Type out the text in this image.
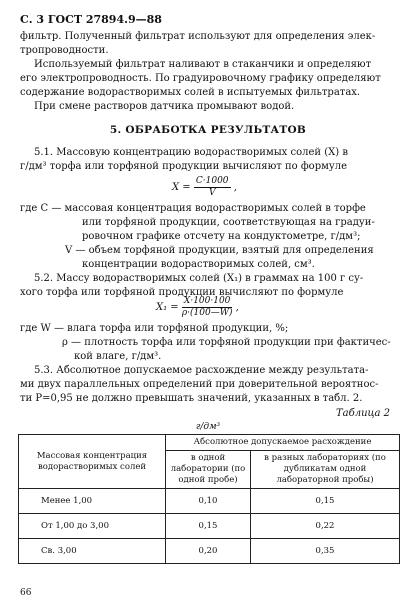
С. 3 ГОСТ 27894.9—88
фильтр. Полученный фильтрат используют для определения элек-
тропроводности.
Используемый фильтрат наливают в стаканчики и определяют
его электропроводность. По градуировочному графику определяют
содержание водорастворимых солей в испытуемых фильтратах.
При смене растворов датчика промывают водой.
5. ОБРАБОТКА РЕЗУЛЬТАТОВ
5.1. Массовую концентрацию водорастворимых солей (X) в
г/дм³ торфа или торфяной продукции вычисляют по формуле
$X = \frac{C\cdot 1000}{V}$ ,
где C — массовая концентрация водорастворимых солей в торфе
или торфяной продукции, соответствующая на градуи-
ровочном графике отсчету на кондуктометре, г/дм³;
V — объем торфяной продукции, взятый для определения
концентрации водорастворимых солей, см³.
5.2. Массу водорастворимых солей (X₁) в граммах на 100 г су-
хого торфа или торфяной продукции вычисляют по формуле
$X_1 = \frac{X\cdot 100\cdot 100}{\rho\cdot(100—W)}$ ,
где W — влага торфа или торфяной продукции, %;
ρ — плотность торфа или торфяной продукции при фактичес-
кой влаге, г/дм³.
5.3. Абсолютное допускаемое расхождение между результата-
ми двух параллельных определений при доверительной вероятнос-
ти P=0,95 не должно превышать значений, указанных в табл. 2.
Таблица 2
г/дм³
Массовая концентрация водорастворимых солей	Абсолютное допускаемое расхождение	
	в одной лаборатории (по одной пробе)	в разных лабораториях (по дубликатам одной лабораторной пробы)
Менее 1,00	0,10	0,15
От 1,00 до 3,00	0,15	0,22
Св. 3,00	0,20	0,35
66
